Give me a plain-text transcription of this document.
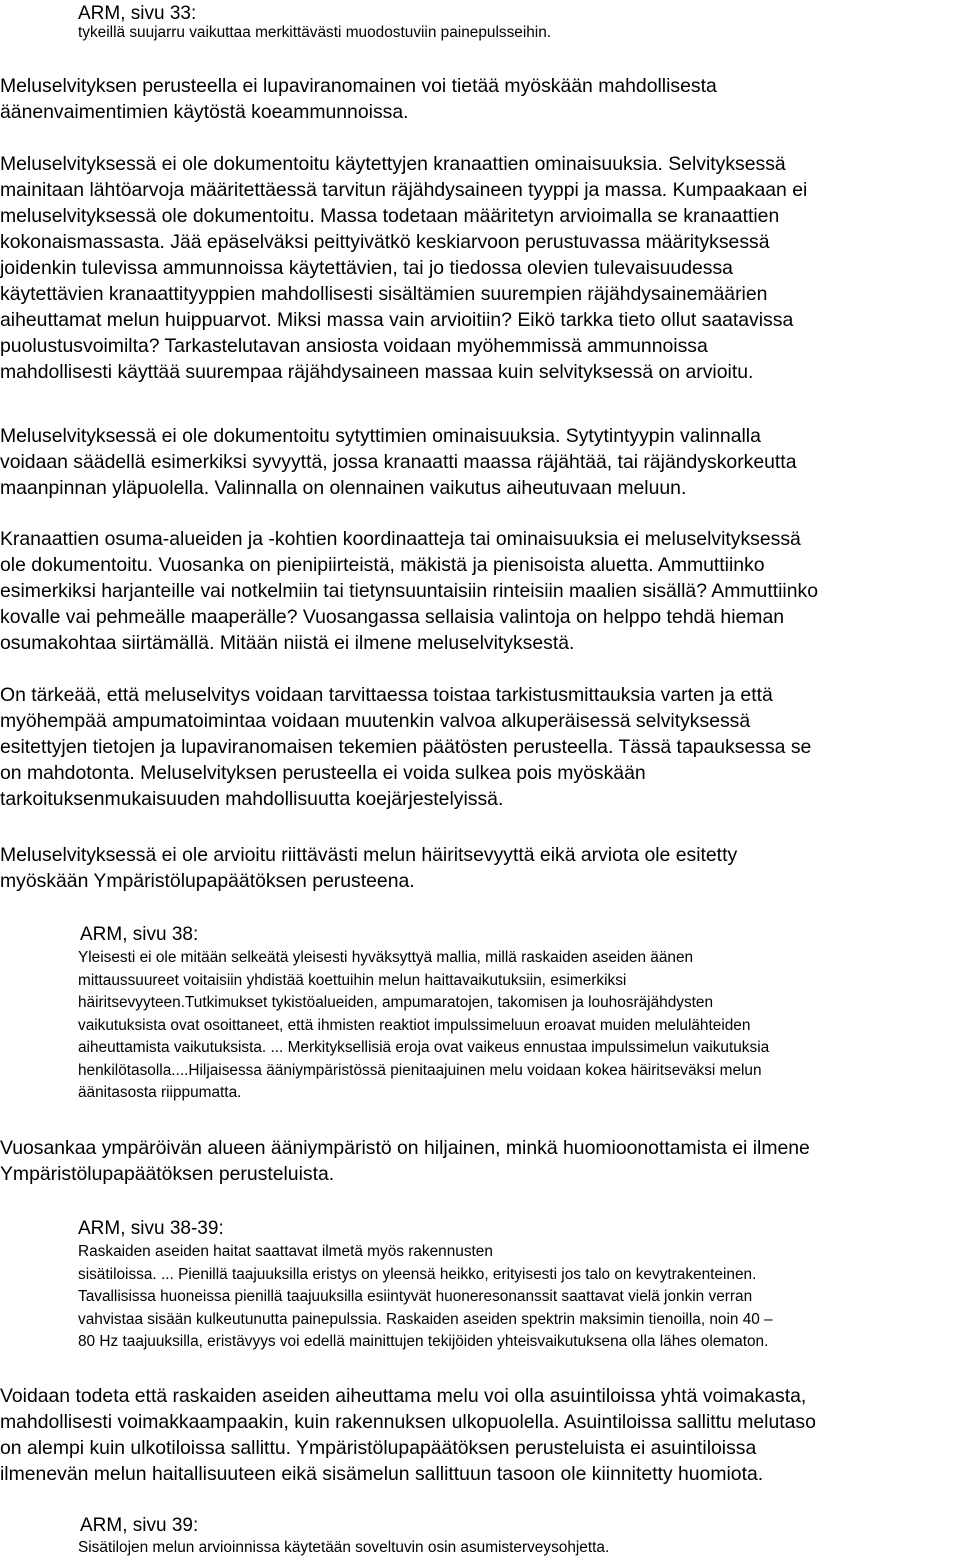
ARM, sivu 33:

tykeillä suujarru vaikuttaa merkittävästi muodostuviin painepulsseihin.

Meluselvityksen perusteella ei lupaviranomainen voi tietää myöskään mahdollisesta
äänenvaimentimien käytöstä koeammunnoissa.

Meluselvityksessä ei ole dokumentoitu käytettyjen kranaattien ominaisuuksia. Selvityksessä
mainitaan lähtöarvoja määritettäessä tarvitun räjähdysaineen tyyppi ja massa. Kumpaakaan ei
meluselvityksessä ole dokumentoitu. Massa todetaan määritetyn arvioimalla se kranaattien
kokonaismassasta. Jää epäselväksi peittyivätkö keskiarvoon perustuvassa määrityksessä
joidenkin tulevissa ammunnoissa käytettävien, tai jo tiedossa olevien tulevaisuudessa
käytettävien kranaattityyppien mahdollisesti sisältämien suurempien räjähdysainemäärien
aiheuttamat melun huippuarvot. Miksi massa vain arvioitiin? Eikö tarkka tieto ollut saatavissa
puolustusvoimilta? Tarkastelutavan ansiosta voidaan myöhemmissä ammunnoissa
mahdollisesti käyttää suurempaa räjähdysaineen massaa kuin selvityksessä on arvioitu.

Meluselvityksessä ei ole dokumentoitu sytyttimien ominaisuuksia. Sytytintyypin valinnalla
voidaan säädellä esimerkiksi syvyyttä, jossa kranaatti maassa räjähtää, tai räjändyskorkeutta
maanpinnan yläpuolella. Valinnalla on olennainen vaikutus aiheutuvaan meluun.

Kranaattien osuma-alueiden ja -kohtien koordinaatteja tai ominaisuuksia ei meluselvityksessä
ole dokumentoitu. Vuosanka on pienipiirteistä, mäkistä ja pienisoista aluetta. Ammuttiinko
esimerkiksi harjanteille vai notkelmiin tai tietynsuuntaisiin rinteisiin maalien sisällä? Ammuttiinko
kovalle vai pehmeälle maaperälle? Vuosangassa sellaisia valintoja on helppo tehdä hieman
osumakohtaa siirtämällä. Mitään niistä ei ilmene meluselvityksestä.

On tärkeää, että meluselvitys voidaan tarvittaessa toistaa tarkistusmittauksia varten ja että
myöhempää ampumatoimintaa voidaan muutenkin valvoa alkuperäisessä selvityksessä
esitettyjen tietojen ja lupaviranomaisen tekemien päätösten perusteella. Tässä tapauksessa se
on mahdotonta. Meluselvityksen perusteella ei voida sulkea pois myöskään
tarkoituksenmukaisuuden mahdollisuutta koejärjestelyissä.

Meluselvityksessä ei ole arvioitu riittävästi melun häiritsevyyttä eikä arviota ole esitetty
myöskään Ympäristölupapäätöksen perusteena.

ARM, sivu 38:

Yleisesti ei ole mitään selkeätä yleisesti hyväksyttyä mallia, millä raskaiden aseiden äänen
mittaussuureet voitaisiin yhdistää koettuihin melun haittavaikutuksiin, esimerkiksi
häiritsevyyteen.Tutkimukset tykistöalueiden, ampumaratojen, takomisen ja louhosräjähdysten
vaikutuksista ovat osoittaneet, että ihmisten reaktiot impulssimeluun eroavat muiden melulähteiden
aiheuttamista vaikutuksista. ... Merkityksellisiä eroja ovat vaikeus ennustaa impulssimelun vaikutuksia
henkilötasolla....Hiljaisessa ääniympäristössä pienitaajuinen melu voidaan kokea häiritseväksi melun
äänitasosta riippumatta.

Vuosankaa ympäröivän alueen ääniympäristö on hiljainen, minkä huomioonottamista ei ilmene
Ympäristölupapäätöksen perusteluista.

ARM, sivu 38-39:

Raskaiden aseiden haitat saattavat ilmetä myös rakennusten
sisätiloissa. ... Pienillä taajuuksilla eristys on yleensä heikko, erityisesti jos talo on kevytrakenteinen.
Tavallisissa huoneissa pienillä taajuuksilla esiintyvät huoneresonanssit saattavat vielä jonkin verran
vahvistaa sisään kulkeutunutta painepulssia. Raskaiden aseiden spektrin maksimin tienoilla, noin 40 –
80 Hz taajuuksilla, eristävyys voi edellä mainittujen tekijöiden yhteisvaikutuksena olla lähes olematon.

Voidaan todeta että raskaiden aseiden aiheuttama melu voi olla asuintiloissa yhtä voimakasta,
mahdollisesti voimakkaampaakin, kuin rakennuksen ulkopuolella. Asuintiloissa sallittu melutaso
on alempi kuin ulkotiloissa sallittu. Ympäristölupapäätöksen perusteluista ei asuintiloissa
ilmenevän melun haitallisuuteen eikä sisämelun sallittuun tasoon ole kiinnitetty huomiota.

ARM, sivu 39:

Sisätilojen melun arvioinnissa käytetään soveltuvin osin asumisterveysohjetta.
